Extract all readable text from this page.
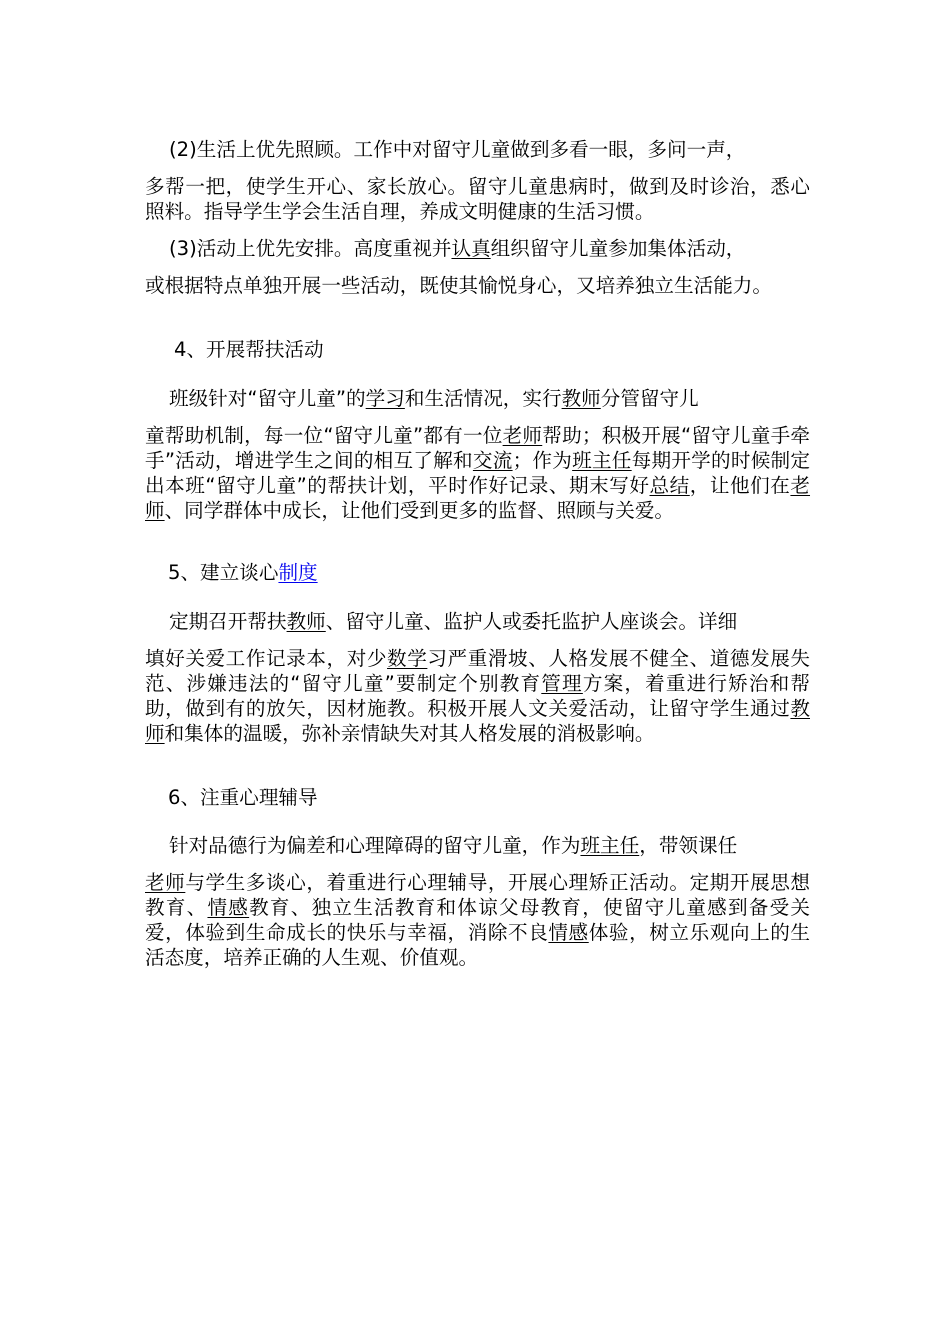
(2)生活上优先照顾。工作中对留守儿童做到多看一眼，多问一声，
多帮一把，使学生开心、家长放心。留守儿童患病时，做到及时诊治，悉心照料。指导学生学会生活自理，养成文明健康的生活习惯。
(3)活动上优先安排。高度重视并认真组织留守儿童参加集体活动，
或根据特点单独开展一些活动，既使其愉悦身心，又培养独立生活能力。
4、开展帮扶活动
班级针对“留守儿童”的学习和生活情况，实行教师分管留守儿
童帮助机制，每一位“留守儿童”都有一位老师帮助；积极开展“留守儿童手牵手”活动，增进学生之间的相互了解和交流；作为班主任每期开学的时候制定出本班“留守儿童”的帮扶计划，平时作好记录、期末写好总结，让他们在老师、同学群体中成长，让他们受到更多的监督、照顾与关爱。
5、建立谈心制度
定期召开帮扶教师、留守儿童、监护人或委托监护人座谈会。详细
填好关爱工作记录本，对少数学习严重滑坡、人格发展不健全、道德发展失范、涉嫌违法的“留守儿童”要制定个别教育管理方案，着重进行矫治和帮助，做到有的放矢，因材施教。积极开展人文关爱活动，让留守学生通过教师和集体的温暖，弥补亲情缺失对其人格发展的消极影响。
6、注重心理辅导
针对品德行为偏差和心理障碍的留守儿童，作为班主任，带领课任
老师与学生多谈心，着重进行心理辅导，开展心理矫正活动。定期开展思想教育、情感教育、独立生活教育和体谅父母教育，使留守儿童感到备受关爱，体验到生命成长的快乐与幸福，消除不良情感体验，树立乐观向上的生活态度，培养正确的人生观、价值观。
